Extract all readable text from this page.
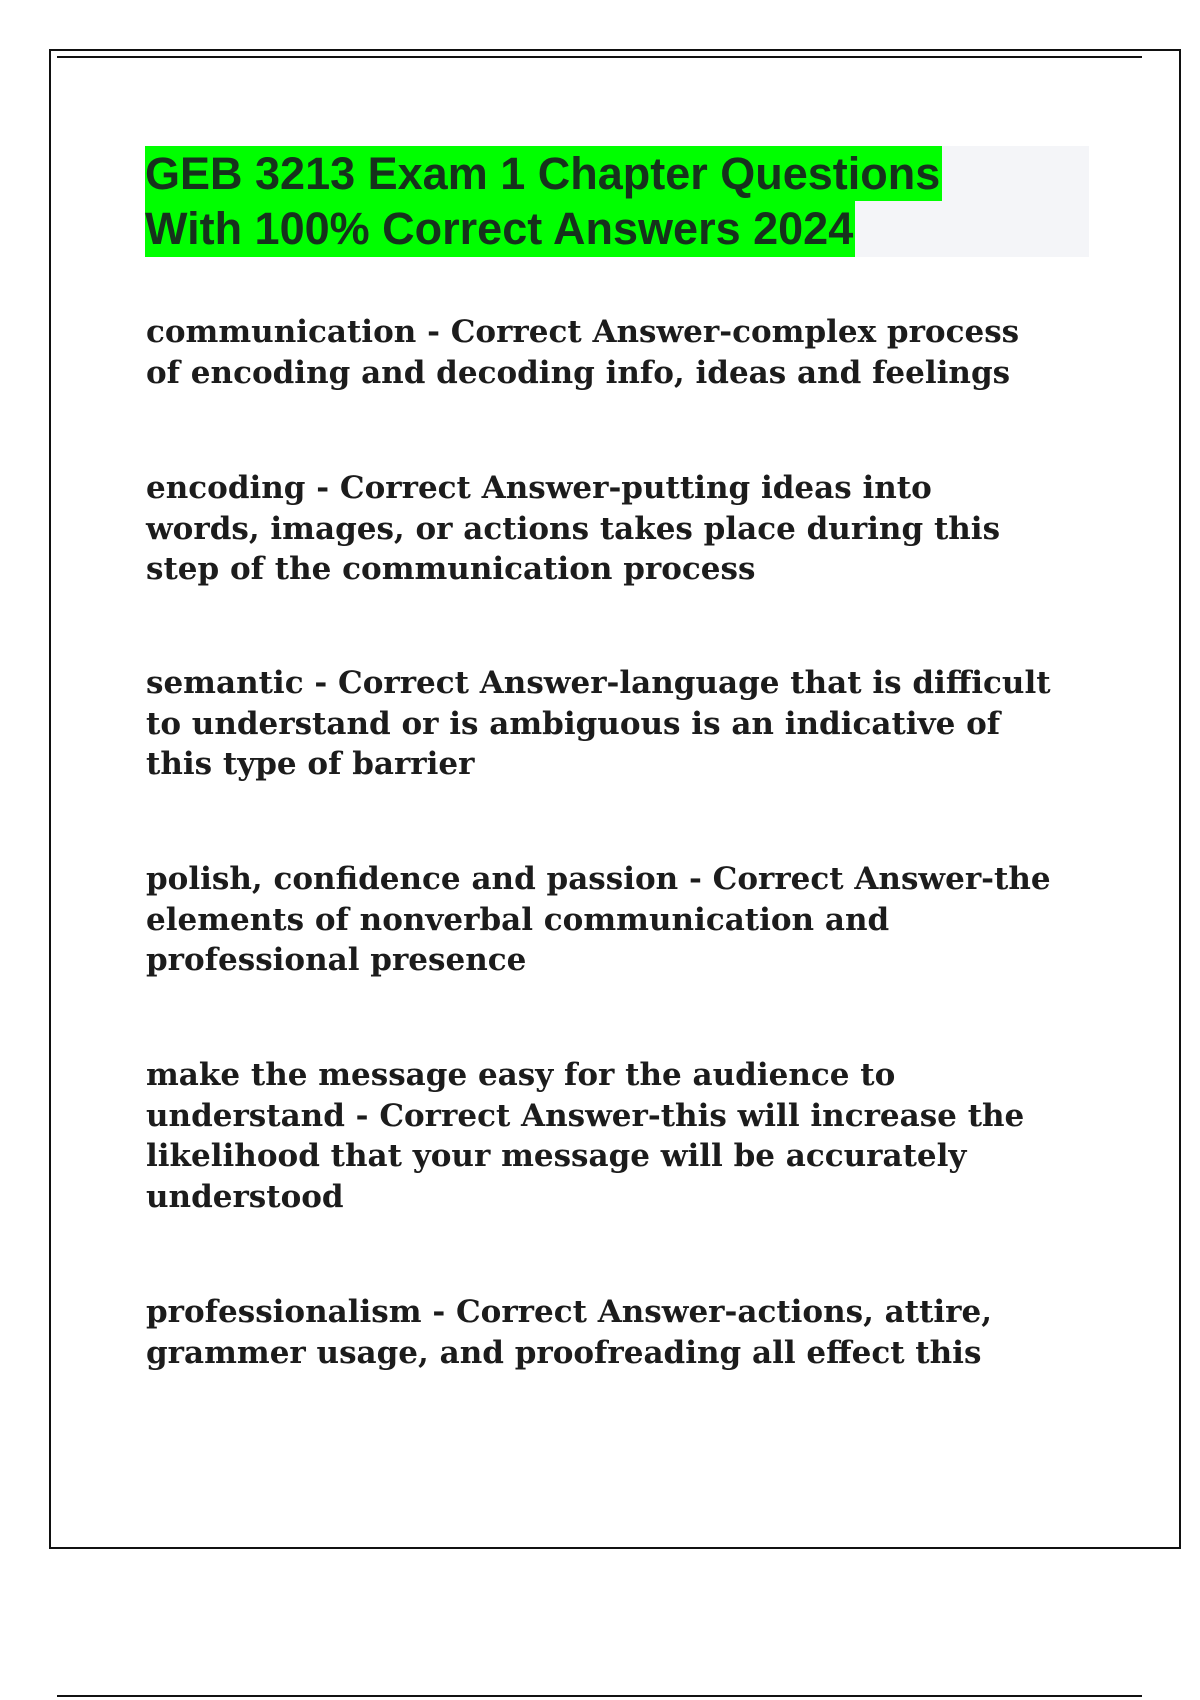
GEB 3213 Exam 1 Chapter Questions
With 100% Correct Answers 2024
communication - Correct Answer-complex process
of encoding and decoding info, ideas and feelings
encoding - Correct Answer-putting ideas into
words, images, or actions takes place during this
step of the communication process
semantic - Correct Answer-language that is difficult
to understand or is ambiguous is an indicative of
this type of barrier
polish, confidence and passion - Correct Answer-the
elements of nonverbal communication and
professional presence
make the message easy for the audience to
understand - Correct Answer-this will increase the
likelihood that your message will be accurately
understood
professionalism - Correct Answer-actions, attire,
grammer usage, and proofreading all effect this
